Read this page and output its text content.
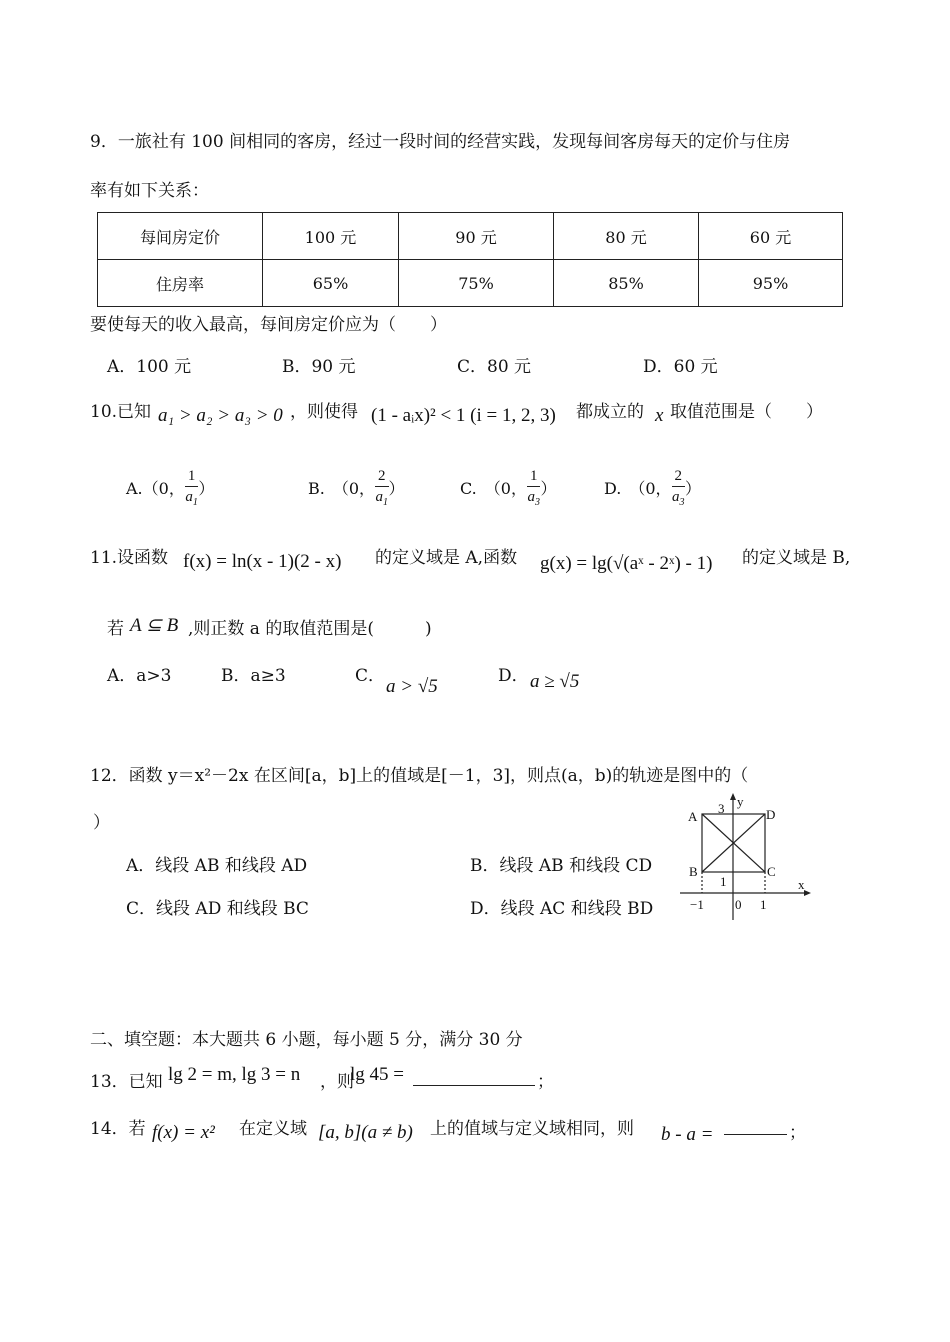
9．一旅社有 100 间相同的客房，经过一段时间的经营实践，发现每间客房每天的定价与住房
率有如下关系：
每间房定价	100 元	90 元	80 元	60 元
住房率	65%	75%	85%	95%
要使每天的收入最高，每间房定价应为（　　）
A．100 元	B．90 元	C．80 元	D．60 元
10.已知 a₁ > a₂ > a₃ > 0 ，则使得 (1 - aᵢx)² < 1 (i = 1, 2, 3) 都成立的 x 取值范围是（　　）
A.（0， $\frac{1}{a_1}$ ）	B.　（0， $\frac{2}{a_1}$ ）	C.　（0， $\frac{1}{a_3}$ ）	D.　（0， $\frac{2}{a_3}$ ）
11.设函数 f(x) = ln(x - 1)(2 - x) 的定义域是 A,函数 g(x) = lg(√(aˣ - 2ˣ) - 1) 的定义域是 B,
若 A ⊆ B ,则正数 a 的取值范围是(　　　)
A．a>3	B．a≥3	C． a > √5	D． a ≥ √5
12．函数 y＝x²－2x 在区间[a，b]上的值域是[－1，3]，则点(a，b)的轨迹是图中的（
）
A．线段 AB 和线段 AD	B．线段 AB 和线段 CD
C．线段 AD 和线段 BC	D．线段 AC 和线段 BD
A
B	C
D
3 y
x
1
−1 0 1
二、填空题：本大题共 6 小题，每小题 5 分，满分 30 分
13．已知 lg 2 = m, lg 3 = n ，则
lg 45 =	；
14．若 f(x) = x² 在定义域 [a, b](a ≠ b) 上的值域与定义域相同，则 b - a =	；
